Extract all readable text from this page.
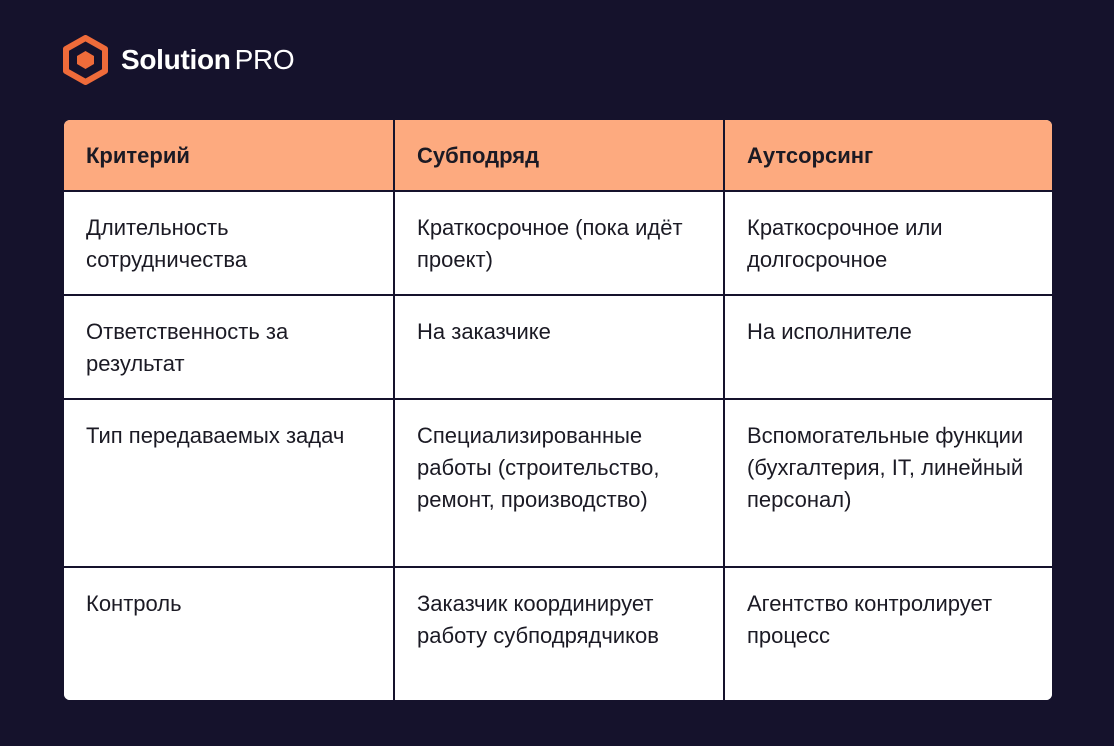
Solution PRO
Критерий	Субподряд	Аутсорсинг
Длительность сотрудничества	Краткосрочное (пока идёт проект)	Краткосрочное или долгосрочное
Ответственность за результат	На заказчике	На исполнителе
Тип передаваемых задач	Специализированные работы (строительство, ремонт, производство)	Вспомогательные функции (бухгалтерия, IT, линейный персонал)
Контроль	Заказчик координирует работу субподрядчиков	Агентство контролирует процесс
